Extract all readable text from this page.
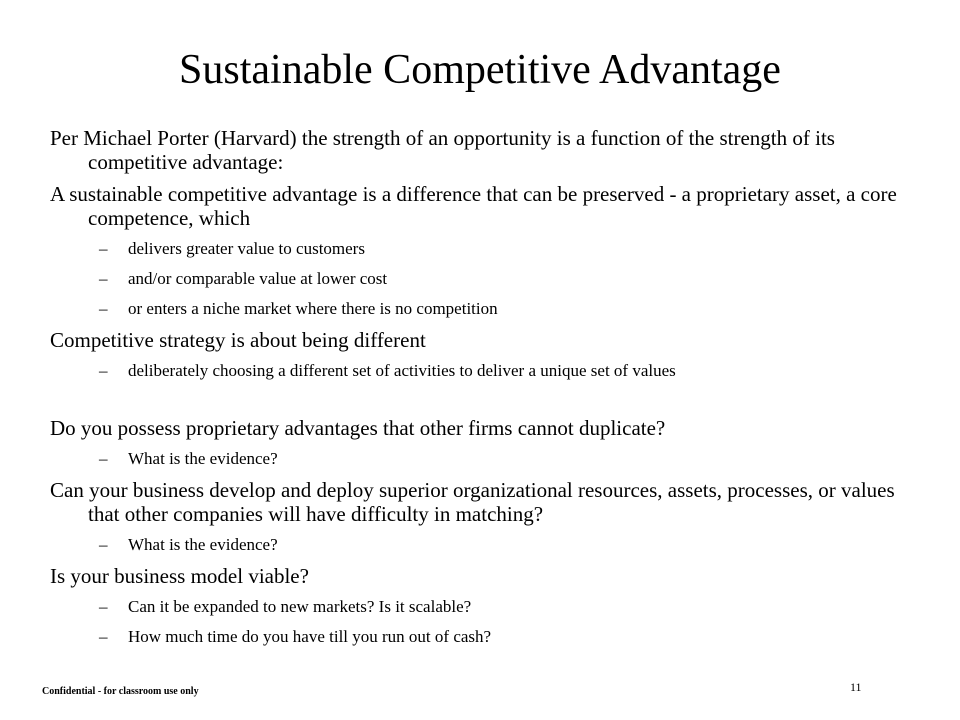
Sustainable Competitive Advantage

Per Michael Porter (Harvard) the strength of an opportunity is a function of the strength of its competitive advantage:

A sustainable competitive advantage is a difference that can be preserved - a proprietary asset, a core competence, which

– delivers greater value to customers

– and/or comparable value at lower cost

– or enters a niche market where there is no competition

Competitive strategy is about being different

– deliberately choosing a different set of activities to deliver a unique set of values

Do you possess proprietary advantages that other firms cannot duplicate?

– What is the evidence?

Can your business develop and deploy superior organizational resources, assets, processes, or values that other companies will have difficulty in matching?

– What is the evidence?

Is your business model viable?

– Can it be expanded to new markets? Is it scalable?

– How much time do you have till you run out of cash?

Confidential - for classroom use only	11
